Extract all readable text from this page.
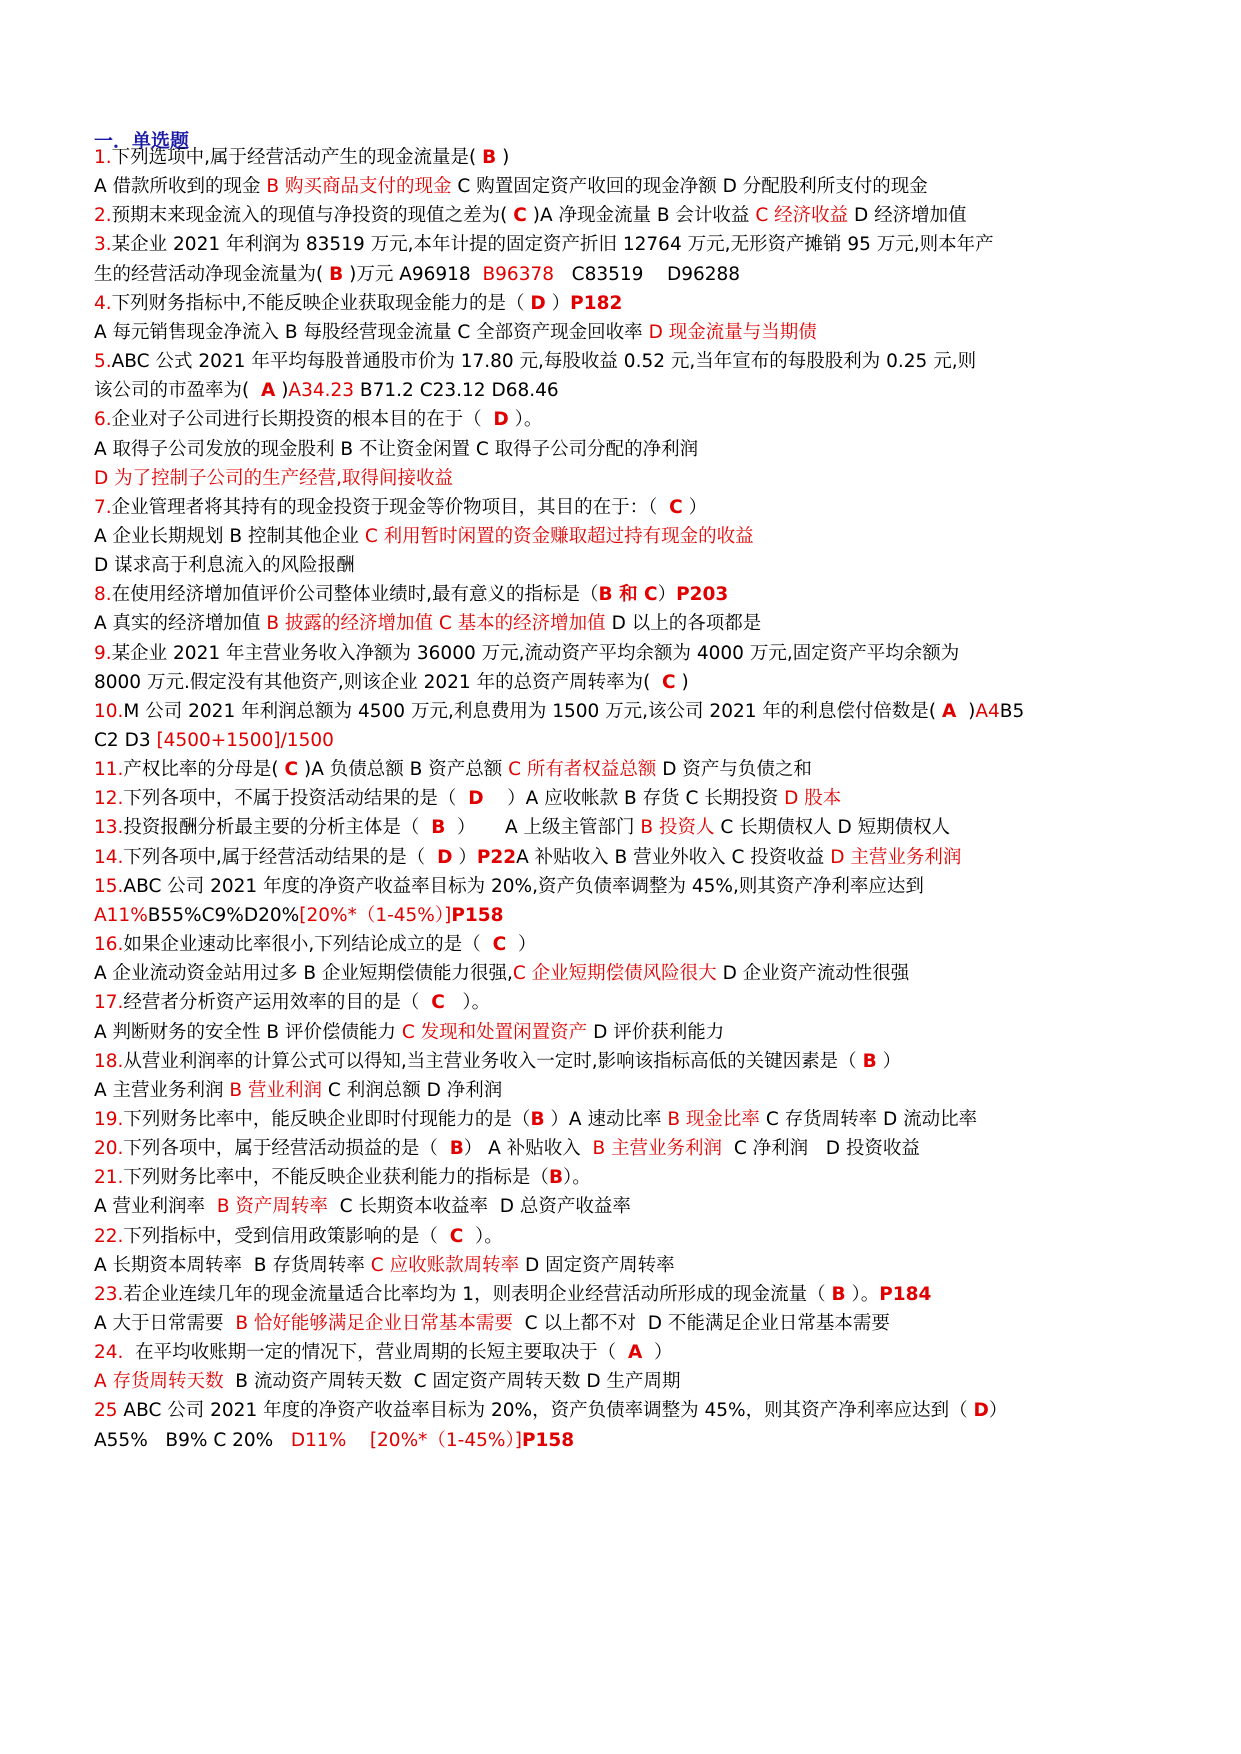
一．单选题
1.下列选项中,属于经营活动产生的现金流量是( B )
A 借款所收到的现金 B 购买商品支付的现金 C 购置固定资产收回的现金净额 D 分配股利所支付的现金
2.预期末来现金流入的现值与净投资的现值之差为( C )A 净现金流量 B 会计收益 C 经济收益 D 经济增加值
3.某企业 2021 年利润为 83519 万元,本年计提的固定资产折旧 12764 万元,无形资产摊销 95 万元,则本年产
生的经营活动净现金流量为( B )万元 A96918  B96378   C83519    D96288
4.下列财务指标中,不能反映企业获取现金能力的是（ D ）P182
A 每元销售现金净流入 B 每股经营现金流量 C 全部资产现金回收率 D 现金流量与当期债
5.ABC 公式 2021 年平均每股普通股市价为 17.80 元,每股收益 0.52 元,当年宣布的每股股利为 0.25 元,则
该公司的市盈率为(  A )A34.23 B71.2 C23.12 D68.46
6.企业对子公司进行长期投资的根本目的在于（  D ）。
A 取得子公司发放的现金股利 B 不让资金闲置 C 取得子公司分配的净利润
D 为了控制子公司的生产经营,取得间接收益
7.企业管理者将其持有的现金投资于现金等价物项目，其目的在于：（  C ）
A 企业长期规划 B 控制其他企业 C 利用暂时闲置的资金赚取超过持有现金的收益
D 谋求高于利息流入的风险报酬
8.在使用经济增加值评价公司整体业绩时,最有意义的指标是（B 和 C）P203
A 真实的经济增加值 B 披露的经济增加值 C 基本的经济增加值 D 以上的各项都是
9.某企业 2021 年主营业务收入净额为 36000 万元,流动资产平均余额为 4000 万元,固定资产平均余额为
8000 万元.假定没有其他资产,则该企业 2021 年的总资产周转率为(  C )
10.M 公司 2021 年利润总额为 4500 万元,利息费用为 1500 万元,该公司 2021 年的利息偿付倍数是( A  )A4B5
C2 D3 [4500+1500]/1500
11.产权比率的分母是( C )A 负债总额 B 资产总额 C 所有者权益总额 D 资产与负债之和
12.下列各项中，不属于投资活动结果的是（  D    ）A 应收帐款 B 存货 C 长期投资 D 股本
13.投资报酬分析最主要的分析主体是（  B  ）     A 上级主管部门 B 投资人 C 长期债权人 D 短期债权人
14.下列各项中,属于经营活动结果的是（  D ）P22A 补贴收入 B 营业外收入 C 投资收益 D 主营业务利润
15.ABC 公司 2021 年度的净资产收益率目标为 20%,资产负债率调整为 45%,则其资产净利率应达到
A11%B55%C9%D20%[20%*（1-45%）]P158
16.如果企业速动比率很小,下列结论成立的是（  C  ）
A 企业流动资金站用过多 B 企业短期偿债能力很强,C 企业短期偿债风险很大 D 企业资产流动性很强
17.经营者分析资产运用效率的目的是（  C   ）。
A 判断财务的安全性 B 评价偿债能力 C 发现和处置闲置资产 D 评价获利能力
18.从营业利润率的计算公式可以得知,当主营业务收入一定时,影响该指标高低的关键因素是（ B ）
A 主营业务利润 B 营业利润 C 利润总额 D 净利润
19.下列财务比率中，能反映企业即时付现能力的是（B ）A 速动比率 B 现金比率 C 存货周转率 D 流动比率
20.下列各项中，属于经营活动损益的是（  B） A 补贴收入  B 主营业务利润  C 净利润   D 投资收益
21.下列财务比率中，不能反映企业获利能力的指标是（B）。
A 营业利润率  B 资产周转率  C 长期资本收益率  D 总资产收益率
22.下列指标中，受到信用政策影响的是（  C  ）。
A 长期资本周转率  B 存货周转率 C 应收账款周转率 D 固定资产周转率
23.若企业连续几年的现金流量适合比率均为 1，则表明企业经营活动所形成的现金流量（ B ）。P184
A 大于日常需要  B 恰好能够满足企业日常基本需要  C 以上都不对  D 不能满足企业日常基本需要
24.  在平均收账期一定的情况下，营业周期的长短主要取决于（  A  ）
A 存货周转天数  B 流动资产周转天数  C 固定资产周转天数 D 生产周期
25 ABC 公司 2021 年度的净资产收益率目标为 20%，资产负债率调整为 45%，则其资产净利率应达到（ D）
A55%   B9% C 20%   D11% [20%*（1-45%）]P158
